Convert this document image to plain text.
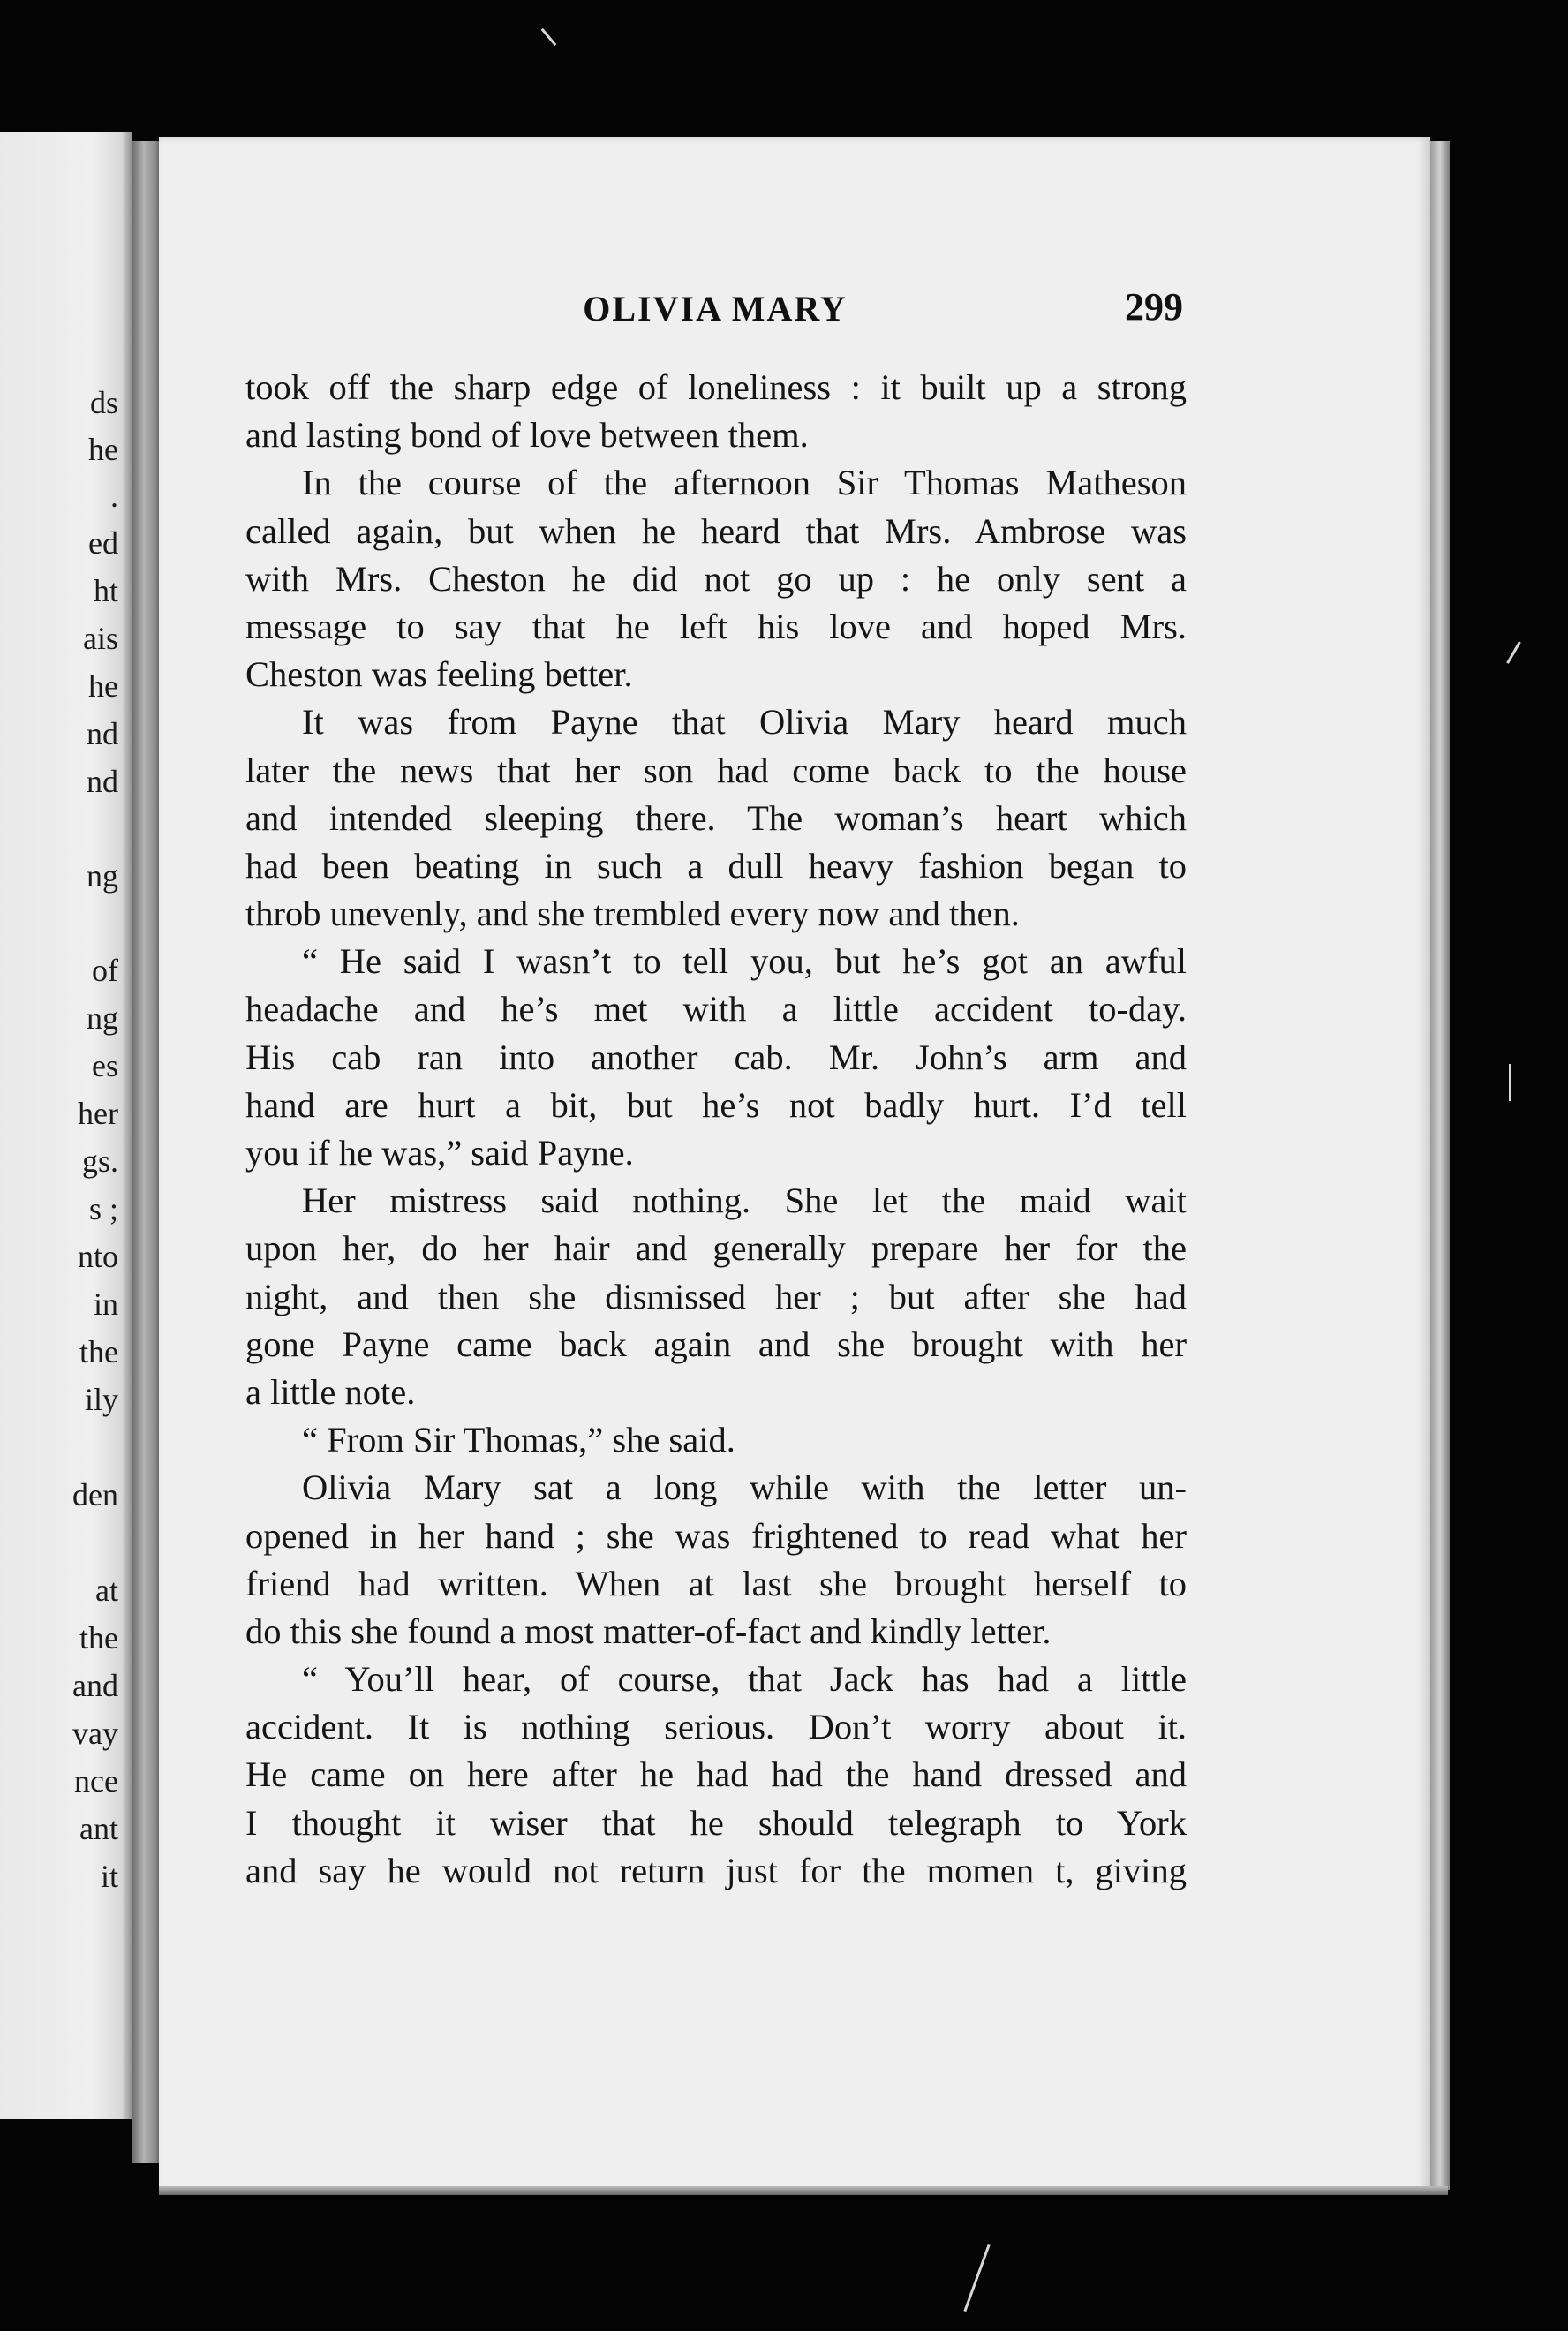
ds
he
.
ed
ht
ais
he
nd
nd
ng
of
ng
es
her
gs.
s ;
nto
in
the
ily
den
at
the
and
vay
nce
ant
it
OLIVIA MARY	299
took off the sharp edge of loneliness : it built up a strong
and lasting bond of love between them.
In the course of the afternoon Sir Thomas Matheson
called again, but when he heard that Mrs. Ambrose was
with Mrs. Cheston he did not go up : he only sent a
message to say that he left his love and hoped Mrs.
Cheston was feeling better.
It was from Payne that Olivia Mary heard much
later the news that her son had come back to the house
and intended sleeping there. The woman’s heart which
had been beating in such a dull heavy fashion began to
throb unevenly, and she trembled every now and then.
“ He said I wasn’t to tell you, but he’s got an awful
headache and he’s met with a little accident to-day.
His cab ran into another cab. Mr. John’s arm and
hand are hurt a bit, but he’s not badly hurt. I’d tell
you if he was,” said Payne.
Her mistress said nothing. She let the maid wait
upon her, do her hair and generally prepare her for the
night, and then she dismissed her ; but after she had
gone Payne came back again and she brought with her
a little note.
“ From Sir Thomas,” she said.
Olivia Mary sat a long while with the letter un-
opened in her hand ; she was frightened to read what her
friend had written. When at last she brought herself to
do this she found a most matter-of-fact and kindly letter.
“ You’ll hear, of course, that Jack has had a little
accident. It is nothing serious. Don’t worry about it.
He came on here after he had had the hand dressed and
I thought it wiser that he should telegraph to York
and say he would not return just for the momen t, giving
